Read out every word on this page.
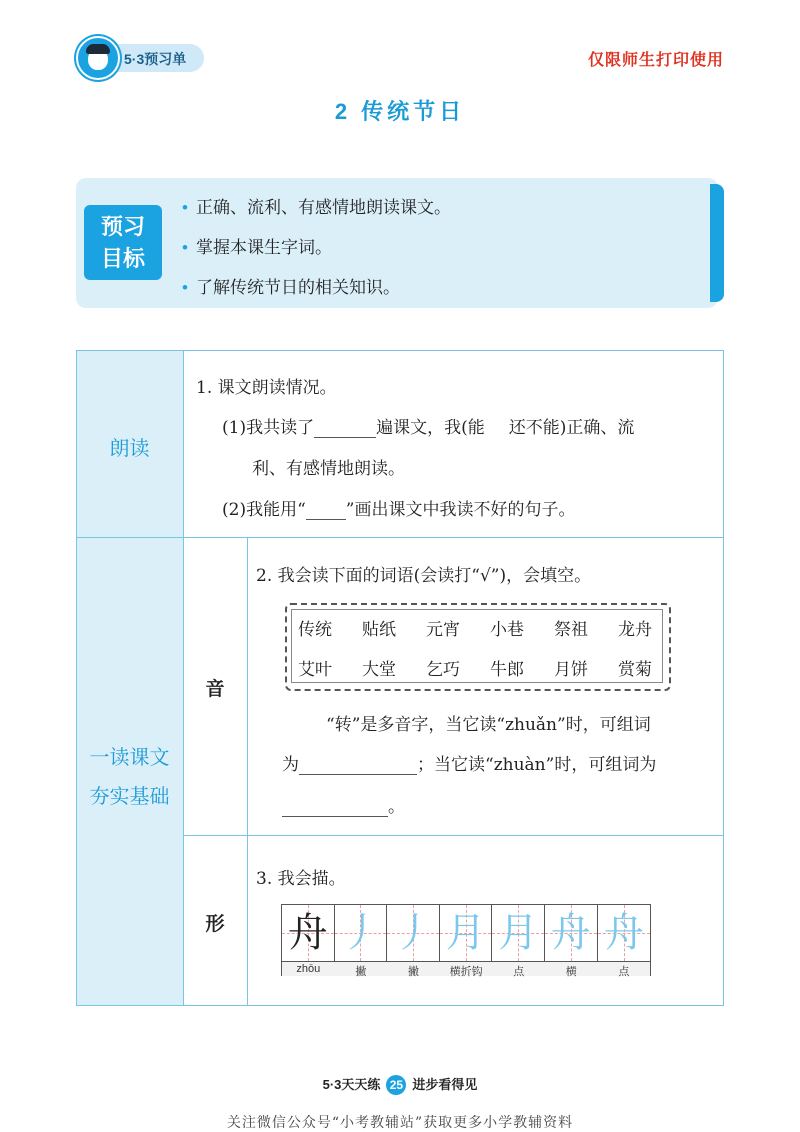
5·3预习单	仅限师生打印使用
2 传统节日
预习
目标
• 正确、流利、有感情地朗读课文。
• 掌握本课生字词。
• 了解传统节日的相关知识。
朗读
1. 课文朗读情况。
(1)我共读了	遍课文，我(能 还不能)正确、流
利、有感情地朗读。
(2)我能用“ ”画出课文中我读不好的句子。
一读课文
夯实基础
音
2. 我会读下面的词语(会读打“√”)，会填空。
传统 贴纸 元宵 小巷 祭祖 龙舟
艾叶 大堂 乞巧 牛郎 月饼 赏菊
“转”是多音字，当它读“zhuǎn”时，可组词
为	；当它读“zhuàn”时，可组词为
。
形
3. 我会描。
舟 丿 丿 月 月 舟 舟
zhōu	撇	撇	横折钩	点	横	点
5·3天天练 25 进步看得见
关注微信公众号“小考教辅站”获取更多小学教辅资料
